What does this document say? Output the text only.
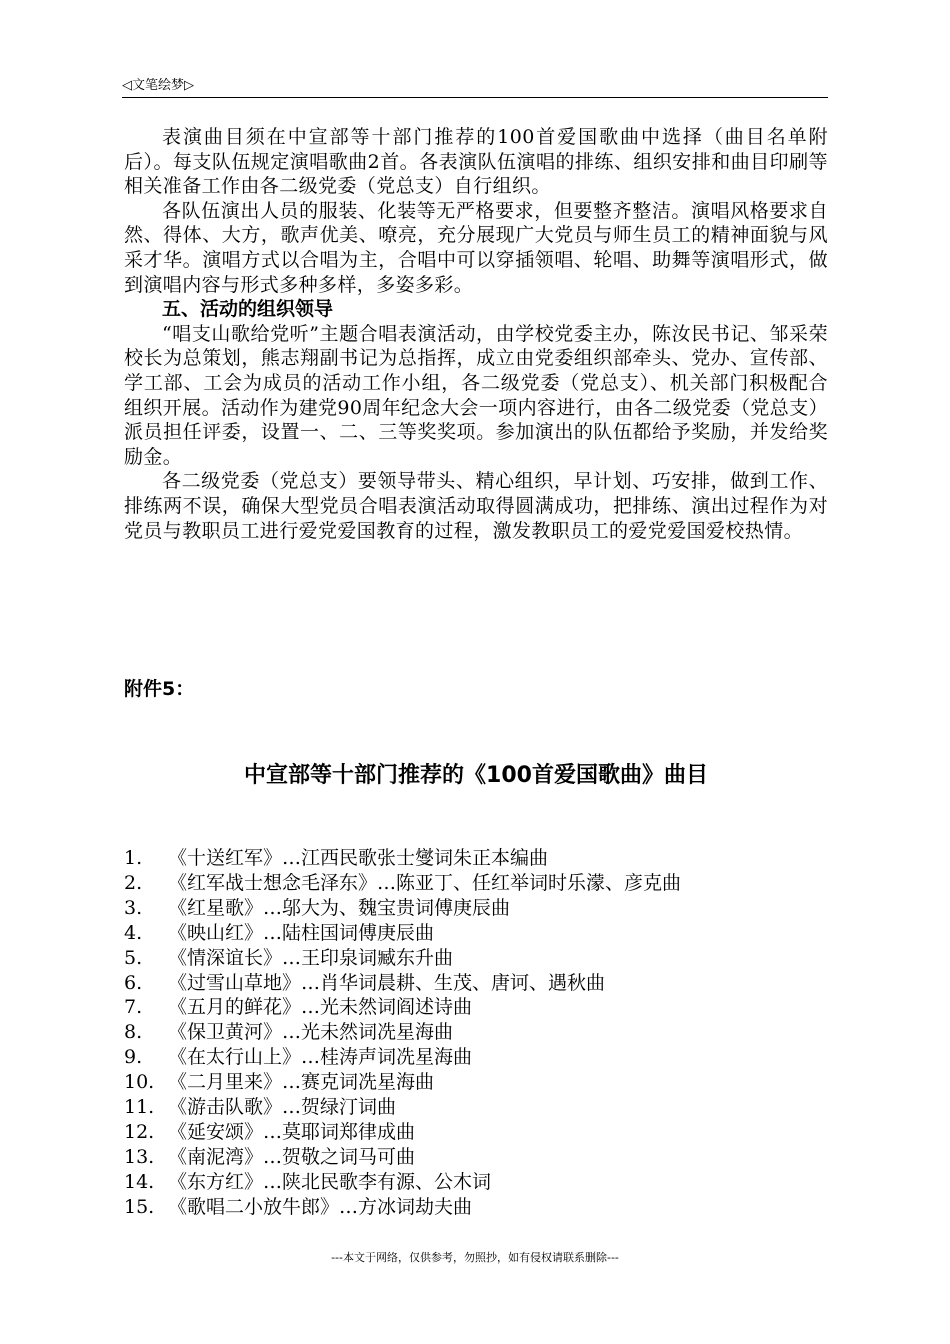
◁文笔绘梦▷

表演曲目须在中宣部等十部门推荐的100首爱国歌曲中选择（曲目名单附后）。每支队伍规定演唱歌曲2首。各表演队伍演唱的排练、组织安排和曲目印刷等相关准备工作由各二级党委（党总支）自行组织。

各队伍演出人员的服装、化装等无严格要求，但要整齐整洁。演唱风格要求自然、得体、大方，歌声优美、嘹亮，充分展现广大党员与师生员工的精神面貌与风采才华。演唱方式以合唱为主，合唱中可以穿插领唱、轮唱、助舞等演唱形式，做到演唱内容与形式多种多样，多姿多彩。

五、活动的组织领导

“唱支山歌给党听”主题合唱表演活动，由学校党委主办，陈汝民书记、邹采荣校长为总策划，熊志翔副书记为总指挥，成立由党委组织部牵头、党办、宣传部、学工部、工会为成员的活动工作小组，各二级党委（党总支）、机关部门积极配合组织开展。活动作为建党90周年纪念大会一项内容进行，由各二级党委（党总支）派员担任评委，设置一、二、三等奖奖项。参加演出的队伍都给予奖励，并发给奖励金。

各二级党委（党总支）要领导带头、精心组织，早计划、巧安排，做到工作、排练两不误，确保大型党员合唱表演活动取得圆满成功，把排练、演出过程作为对党员与教职员工进行爱党爱国教育的过程，激发教职员工的爱党爱国爱校热情。

附件5：
中宣部等十部门推荐的《100首爱国歌曲》曲目
1. 《十送红军》…江西民歌张士燮词朱正本编曲
2. 《红军战士想念毛泽东》…陈亚丁、任红举词时乐濛、彦克曲
3. 《红星歌》…邬大为、魏宝贵词傅庚辰曲
4. 《映山红》…陆柱国词傅庚辰曲
5. 《情深谊长》…王印泉词臧东升曲
6. 《过雪山草地》…肖华词晨耕、生茂、唐诃、遇秋曲
7. 《五月的鲜花》…光未然词阎述诗曲
8. 《保卫黄河》…光未然词冼星海曲
9. 《在太行山上》…桂涛声词冼星海曲
10. 《二月里来》…赛克词冼星海曲
11. 《游击队歌》…贺绿汀词曲
12. 《延安颂》…莫耶词郑律成曲
13. 《南泥湾》…贺敬之词马可曲
14. 《东方红》…陕北民歌李有源、公木词
15. 《歌唱二小放牛郎》…方冰词劫夫曲
---本文于网络，仅供参考，勿照抄，如有侵权请联系删除---
